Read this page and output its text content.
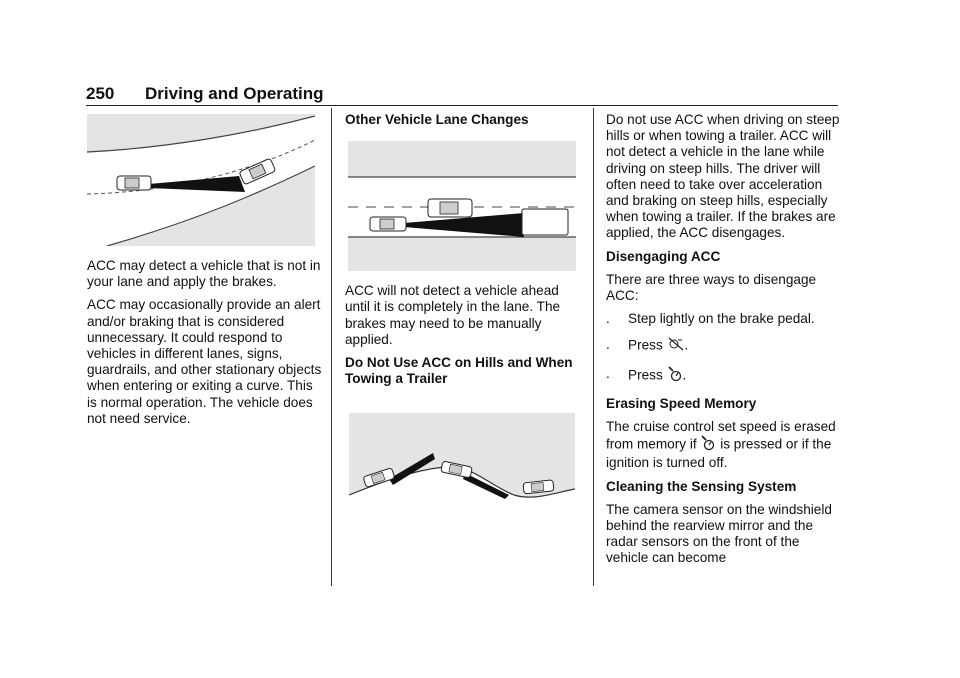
250 Driving and Operating
ACC may detect a vehicle that is not in your lane and apply the brakes.
ACC may occasionally provide an alert and/or braking that is considered unnecessary. It could respond to vehicles in different lanes, signs, guardrails, and other stationary objects when entering or exiting a curve. This is normal operation. The vehicle does not need service.
Other Vehicle Lane Changes
ACC will not detect a vehicle ahead until it is completely in the lane. The brakes may need to be manually applied.
Do Not Use ACC on Hills and When Towing a Trailer
Do not use ACC when driving on steep hills or when towing a trailer. ACC will not detect a vehicle in the lane while driving on steep hills. The driver will often need to take over acceleration and braking on steep hills, especially when towing a trailer. If the brakes are applied, the ACC disengages.
Disengaging ACC
There are three ways to disengage ACC:
.	Step lightly on the brake pedal.
.	Press .
.	Press .
Erasing Speed Memory
The cruise control set speed is erased from memory if is pressed or if the ignition is turned off.
Cleaning the Sensing System
The camera sensor on the windshield behind the rearview mirror and the radar sensors on the front of the vehicle can become
